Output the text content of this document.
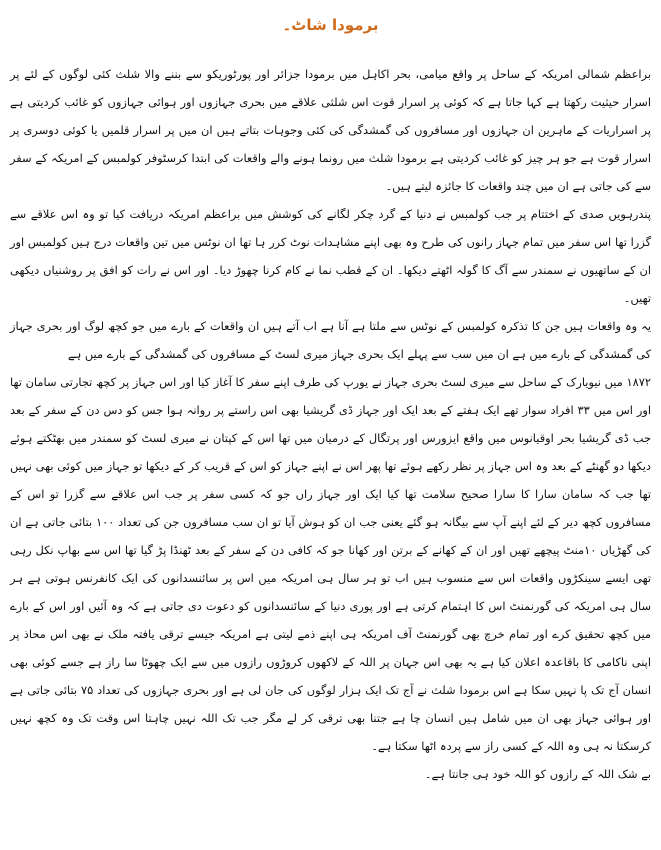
برمودا شاٹ۔

براعظم شمالی امریکہ کے ساحل پر واقع میامی، بحر اکاہل میں برمودا جزائر اور پورٹوریکو سے بننے والا شلث کئی لوگوں کے لئے پر اسرار حیثیت رکھتا ہے کہا جاتا ہے کہ کوئی پر اسرار قوت اس شلثی علاقے میں بحری جہازوں اور ہوائی جہازوں کو غائب کردیتی ہے پر اسراریات کے ماہرین ان جہازوں اور مسافروں کی گمشدگی کی کئی وجوہات بتاتے ہیں ان میں پر اسرار قلمیں یا کوئی دوسری پر اسرار قوت ہے جو ہر چیز کو غائب کردیتی ہے برمودا شلث میں رونما ہونے والے واقعات کی ابتدا کرسٹوفر کولمبس کے امریکہ کے سفر سے کی جاتی ہے ان میں چند واقعات کا جائزہ لیتے ہیں۔

پندرہویں صدی کے اختتام پر جب کولمبس نے دنیا کے گرد چکر لگانے کی کوشش میں براعظم امریکہ دریافت کیا تو وہ اس علاقے سے گزرا تھا اس سفر میں تمام جہاز رانوں کی طرح وہ بھی اپنے مشاہدات نوٹ کرر ہا تھا ان نوٹس میں تین واقعات درج ہیں کولمبس اور ان کے ساتھیوں نے سمندر سے آگ کا گولہ اٹھتے دیکھا۔ ان کے قطب نما نے کام کرنا چھوڑ دیا۔ اور اس نے رات کو افق پر روشنیاں دیکھی تھیں۔

یہ وہ واقعات ہیں جن کا تذکرہ کولمبس کے نوٹس سے ملتا ہے آنا ہے اب آتے ہیں ان واقعات کے بارے میں جو کچھ لوگ اور بحری جہاز کی گمشدگی کے بارے میں ہے ان میں سب سے پہلے ایک بحری جہاز میری لسٹ کے مسافروں کی گمشدگی کے بارے میں ہے

۱۸۷۲ میں نیویارک کے ساحل سے میری لسٹ بحری جہاز نے یورپ کی طرف اپنے سفر کا آغاز کیا اور اس جہاز پر کچھ تجارتی سامان تھا اور اس میں ۳۳ افراد سوار تھے ایک ہفتے کے بعد ایک اور جہاز ڈی گریشیا بھی اس راستے پر روانہ ہوا جس کو دس دن کے سفر کے بعد جب ڈی گریشیا بحر اوقیانوس میں واقع ایزورس اور پرتگال کے درمیان میں تھا اس کے کپتان نے میری لسٹ کو سمندر میں بھٹکتے ہوئے دیکھا دو گھنٹے کے بعد وہ اس جہاز پر نظر رکھے ہوئے تھا پھر اس نے اپنے جہاز کو اس کے قریب کر کے دیکھا تو جہاز میں کوئی بھی نہیں تھا جب کہ سامان سارا کا سارا صحیح سلامت تھا کیا ایک اور جہاز راں جو کہ کسی سفر پر جب اس علاقے سے گزرا تو اس کے مسافروں کچھ دیر کے لئے اپنے آپ سے بیگانہ ہو گئے یعنی جب ان کو ہوش آیا تو ان سب مسافروں جن کی تعداد ۱۰۰ بتائی جاتی ہے ان کی گھڑیاں ۱۰منٹ پیچھے تھیں اور ان کے کھانے کے برتن اور کھانا جو کہ کافی دن کے سفر کے بعد ٹھنڈا پڑ گیا تھا اس سے بھاپ نکل رہی تھی ایسے سینکڑوں واقعات اس سے منسوب ہیں اب تو ہر سال ہی امریکہ میں اس پر سائنسدانوں کی ایک کانفرنس ہوتی ہے ہر سال ہی امریکہ کی گورنمنٹ اس کا اہتمام کرتی ہے اور پوری دنیا کے سائنسدانوں کو دعوت دی جاتی ہے کہ وہ آئیں اور اس کے بارے میں کچھ تحقیق کرے اور تمام خرچ بھی گورنمنٹ آف امریکہ ہی اپنے ذمے لیتی ہے امریکہ جیسے ترقی یافتہ ملک نے بھی اس محاذ پر اپنی ناکامی کا باقاعدہ اعلان کیا ہے یہ بھی اس جہان پر اللہ کے لاکھوں کروڑوں رازوں میں سے ایک چھوٹا سا راز ہے جسے کوئی بھی انسان آج تک پا نہیں سکا ہے اس برمودا شلث نے آج تک ایک ہزار لوگوں کی جان لی ہے اور بحری جہازوں کی تعداد ۷۵ بتائی جاتی ہے اور ہوائی جہاز بھی ان میں شامل ہیں انسان چا ہے جتنا بھی ترقی کر لے مگر جب تک اللہ نہیں چاہتا اس وقت تک وہ کچھ نہیں کرسکتا نہ ہی وہ اللہ کے کسی راز سے پردہ اٹھا سکتا ہے۔

بے شک اللہ کے رازوں کو اللہ خود ہی جانتا ہے۔
